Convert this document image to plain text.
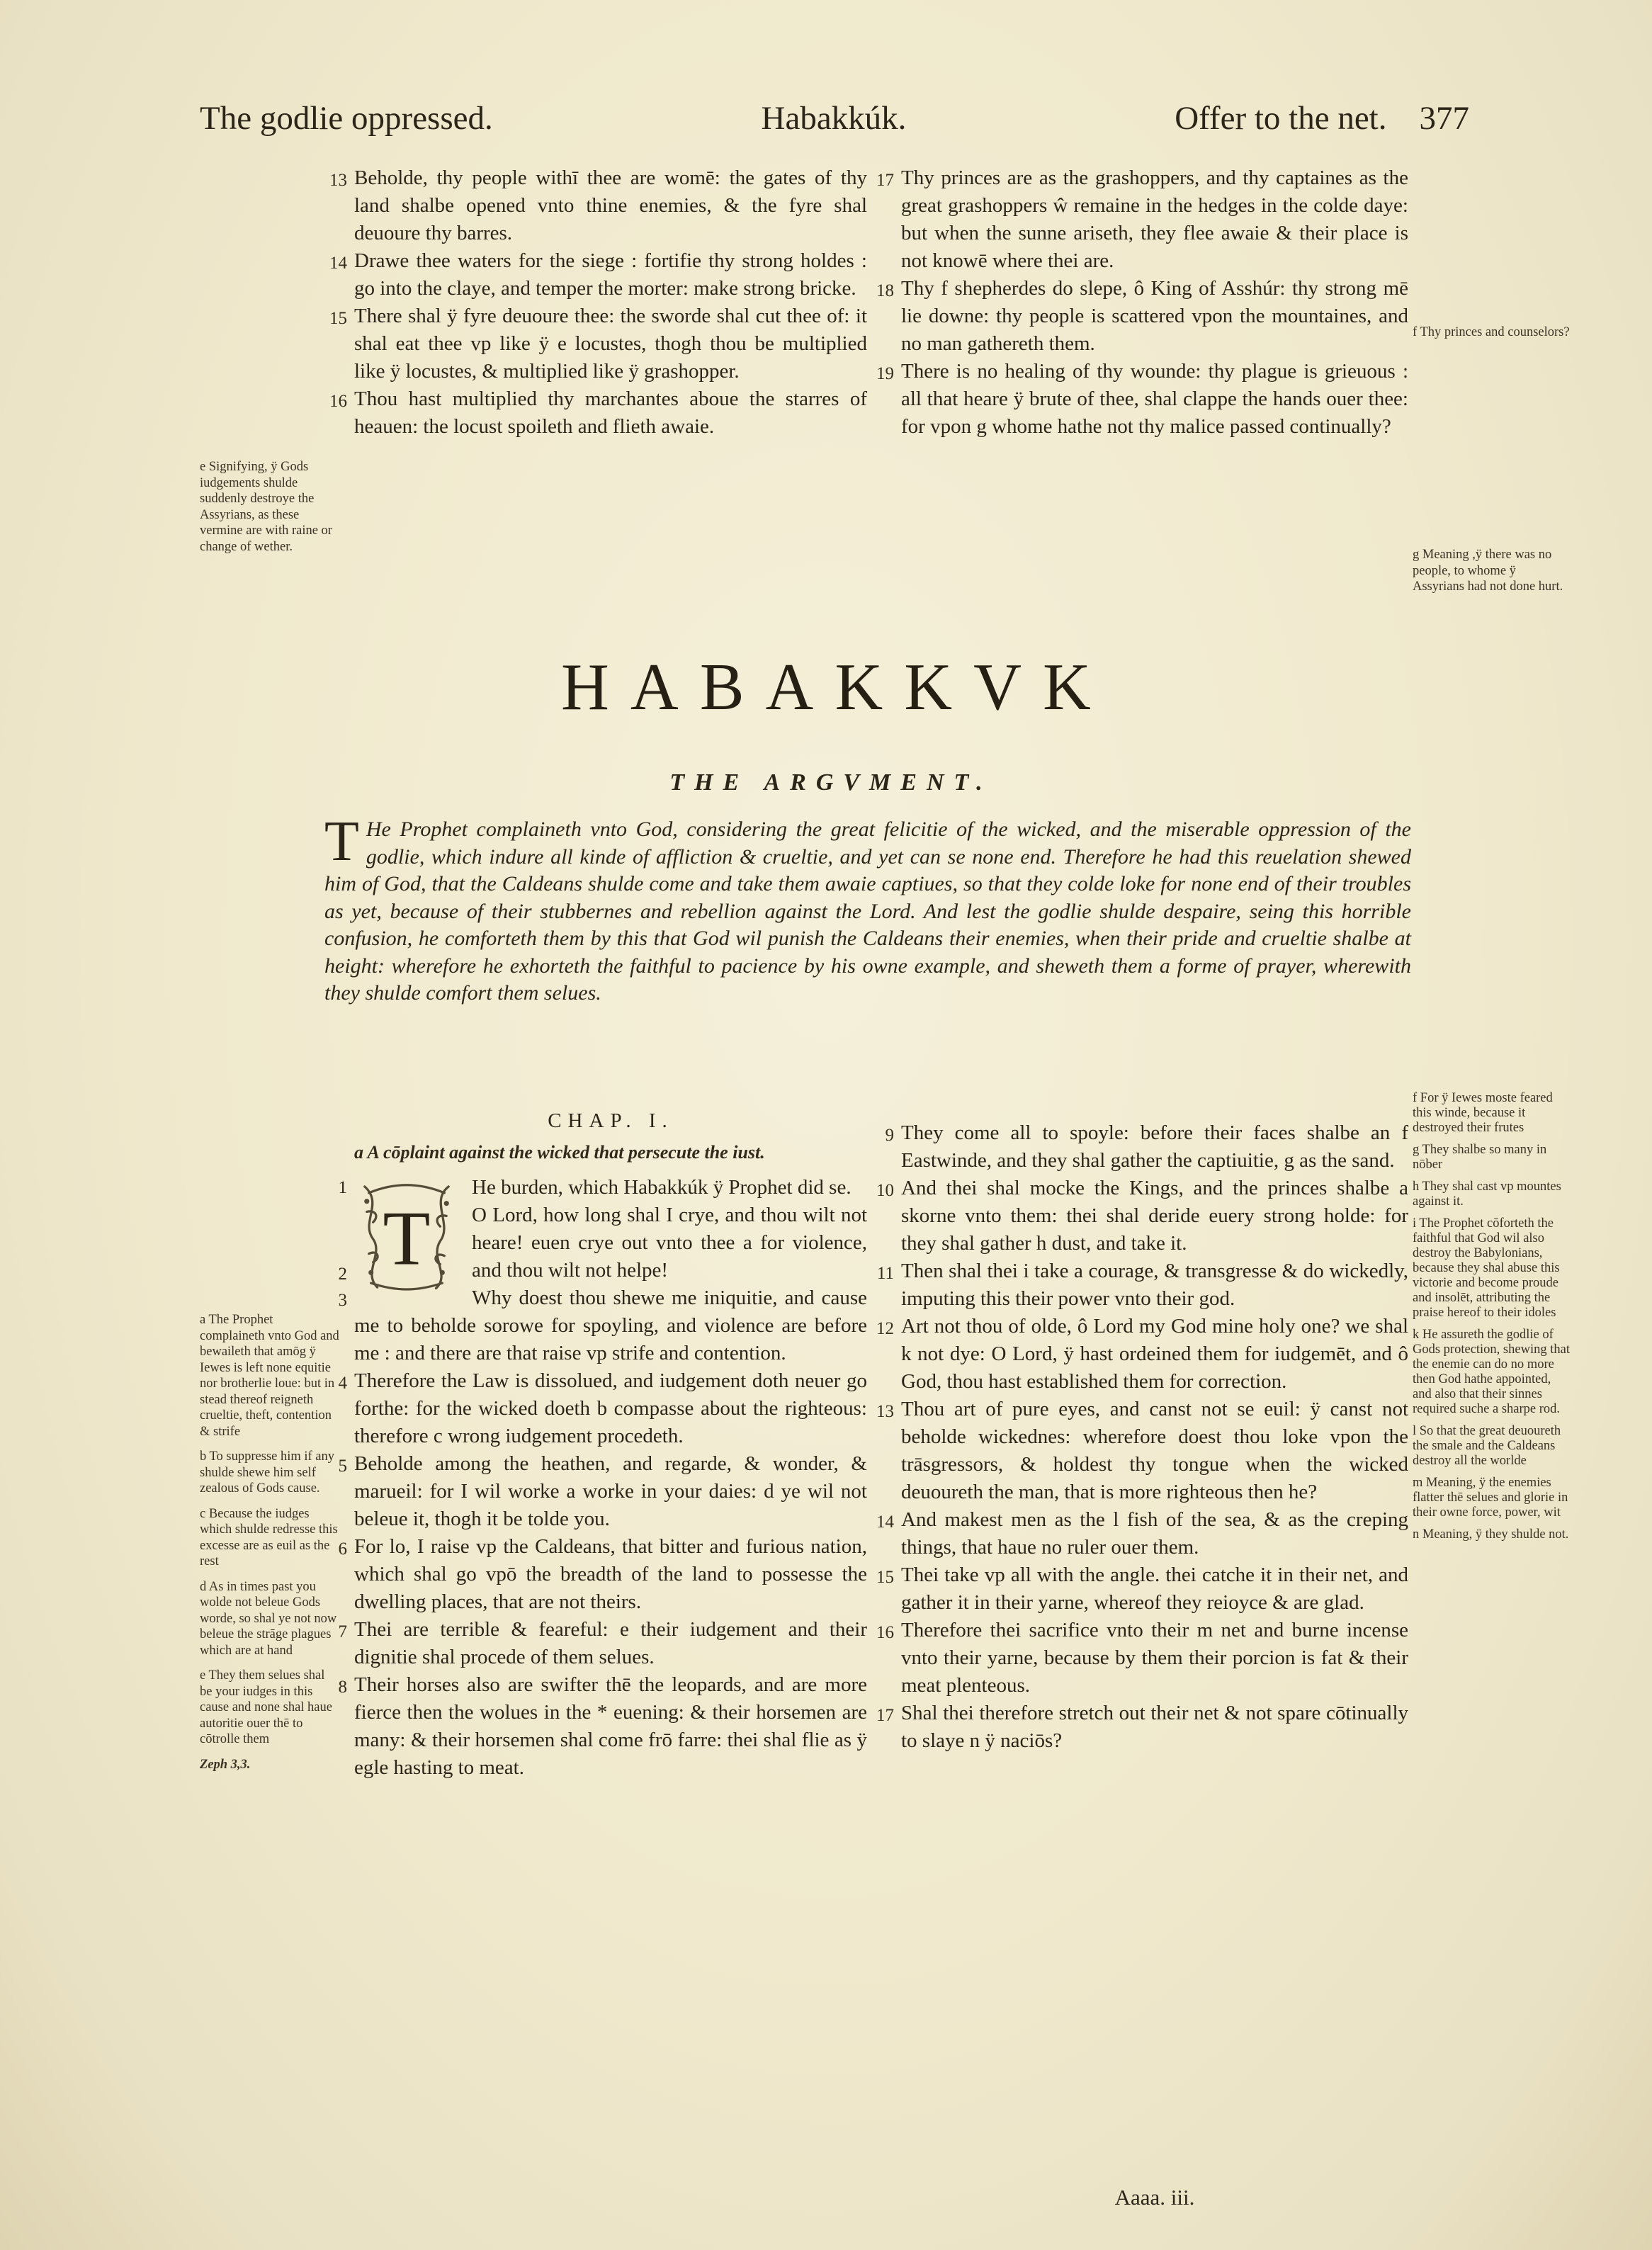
The godlie oppressed.	Habakkúk.	Offer to the net. 377

13 Beholde, thy people withī thee are womē: the gates of thy land shalbe opened vnto thine enemies, & the fyre shal deuoure thy barres.

14 Drawe thee waters for the siege : fortifie thy strong holdes : go into the claye, and temper the morter: make strong bricke.

15 There shal ÿ fyre deuoure thee: the sworde shal cut thee of: it shal eat thee vp like ÿ e locustes, thogh thou be multiplied like ÿ locustes, & multiplied like ÿ grashopper.

16 Thou hast multiplied thy marchantes aboue the starres of heauen: the locust spoileth and flieth awaie.

17 Thy princes are as the grashoppers, and thy captaines as the great grashoppers ŵ remaine in the hedges in the colde daye: but when the sunne ariseth, they flee awaie & their place is not knowē where thei are.

18 Thy f shepherdes do slepe, ô King of Asshúr: thy strong mē lie downe: thy people is scattered vpon the mountaines, and no man gathereth them.

19 There is no healing of thy wounde: thy plague is grieuous : all that heare ÿ brute of thee, shal clappe the hands ouer thee: for vpon g whome hathe not thy malice passed continually?

e Signifying, ÿ Gods iudgements shulde suddenly destroye the Assyrians, as these vermine are with raine or change of wether.

f Thy princes and counselors?

g Meaning ,ÿ there was no people, to whome ÿ Assyrians had not done hurt.

HABAKKVK
THE ARGVMENT.

T He Prophet complaineth vnto God, considering the great felicitie of the wicked, and the miserable oppression of the godlie, which indure all kinde of affliction & crueltie, and yet can se none end. Therefore he had this reuelation shewed him of God, that the Caldeans shulde come and take them awaie captiues, so that they colde loke for none end of their troubles as yet, because of their stubbernes and rebellion against the Lord. And lest the godlie shulde despaire, seing this horrible confusion, he comforteth them by this that God wil punish the Caldeans their enemies, when their pride and crueltie shalbe at height: wherefore he exhorteth the faithful to pacience by his owne example, and sheweth them a forme of prayer, wherewith they shulde comfort them selues.

CHAP. I.

a A cōplaint against the wicked that persecute the iust.

1
2 T

He burden, which Habakkúk ÿ Prophet did se.

O Lord, how long shal I crye, and thou wilt not heare! euen crye out vnto thee a for violence, and thou wilt not helpe!

3	Why doest thou shewe me iniquitie, and cause me to beholde sorowe for spoyling, and violence are before me : and there are that raise vp strife and contention.

4 Therefore the Law is dissolued, and iudgement doth neuer go forthe: for the wicked doeth b compasse about the righteous: therefore c wrong iudgement procedeth.

5 Beholde among the heathen, and regarde, & wonder, & marueil: for I wil worke a worke in your daies: d ye wil not beleue it, thogh it be tolde you.

6 For lo, I raise vp the Caldeans, that bitter and furious nation, which shal go vpō the breadth of the land to possesse the dwelling places, that are not theirs.

7 Thei are terrible & feareful: e their iudgement and their dignitie shal procede of them selues.

8 Their horses also are swifter thē the leopards, and are more fierce then the wolues in the * euening: & their horsemen are many: & their horsemen shal come frō farre: thei shal flie as ÿ egle hasting to meat.

9 They come all to spoyle: before their faces shalbe an f Eastwinde, and they shal gather the captiuitie, g as the sand.

10 And thei shal mocke the Kings, and the princes shalbe a skorne vnto them: thei shal deride euery strong holde: for they shal gather h dust, and take it.

11 Then shal thei i take a courage, & transgresse & do wickedly, imputing this their power vnto their god.

12 Art not thou of olde, ô Lord my God mine holy one? we shal k not dye: O Lord, ÿ hast ordeined them for iudgemēt, and ô God, thou hast established them for correction.

13 Thou art of pure eyes, and canst not se euil: ÿ canst not beholde wickednes: wherefore doest thou loke vpon the trāsgressors, & holdest thy tongue when the wicked deuoureth the man, that is more righteous then he?

14 And makest men as the l fish of the sea, & as the creping things, that haue no ruler ouer them.

15 Thei take vp all with the angle. thei catche it in their net, and gather it in their yarne, whereof they reioyce & are glad.

16 Therefore thei sacrifice vnto their m net and burne incense vnto their yarne, because by them their porcion is fat & their meat plenteous.

17 Shal thei therefore stretch out their net & not spare cōtinually to slaye n ÿ naciōs?

a The Prophet complaineth vnto God and bewaileth that amōg ÿ Iewes is left none equitie nor brotherlie loue: but in stead thereof reigneth crueltie, theft, contention & strife

b To suppresse him if any shulde shewe him self zealous of Gods cause.

c Because the iudges which shulde redresse this excesse are as euil as the rest

d As in times past you wolde not beleue Gods worde, so shal ye not now beleue the strāge plagues which are at hand

e They them selues shal be your iudges in this cause and none shal haue autoritie ouer thē to cōtrolle them

Zeph 3,3.

f For ÿ Iewes moste feared this winde, because it destroyed their frutes

g They shalbe so many in nōber

h They shal cast vp mountes against it.

i The Prophet cōforteth the faithful that God wil also destroy the Babylonians, because they shal abuse this victorie and become proude and insolēt, attributing the praise hereof to their idoles

k He assureth the godlie of Gods protection, shewing that the enemie can do no more then God hathe appointed, and also that their sinnes required suche a sharpe rod.

l So that the great deuoureth the smale and the Caldeans destroy all the worlde

m Meaning, ÿ the enemies flatter thē selues and glorie in their owne force, power, wit

n Meaning, ÿ they shulde not.

Aaaa. iii.
